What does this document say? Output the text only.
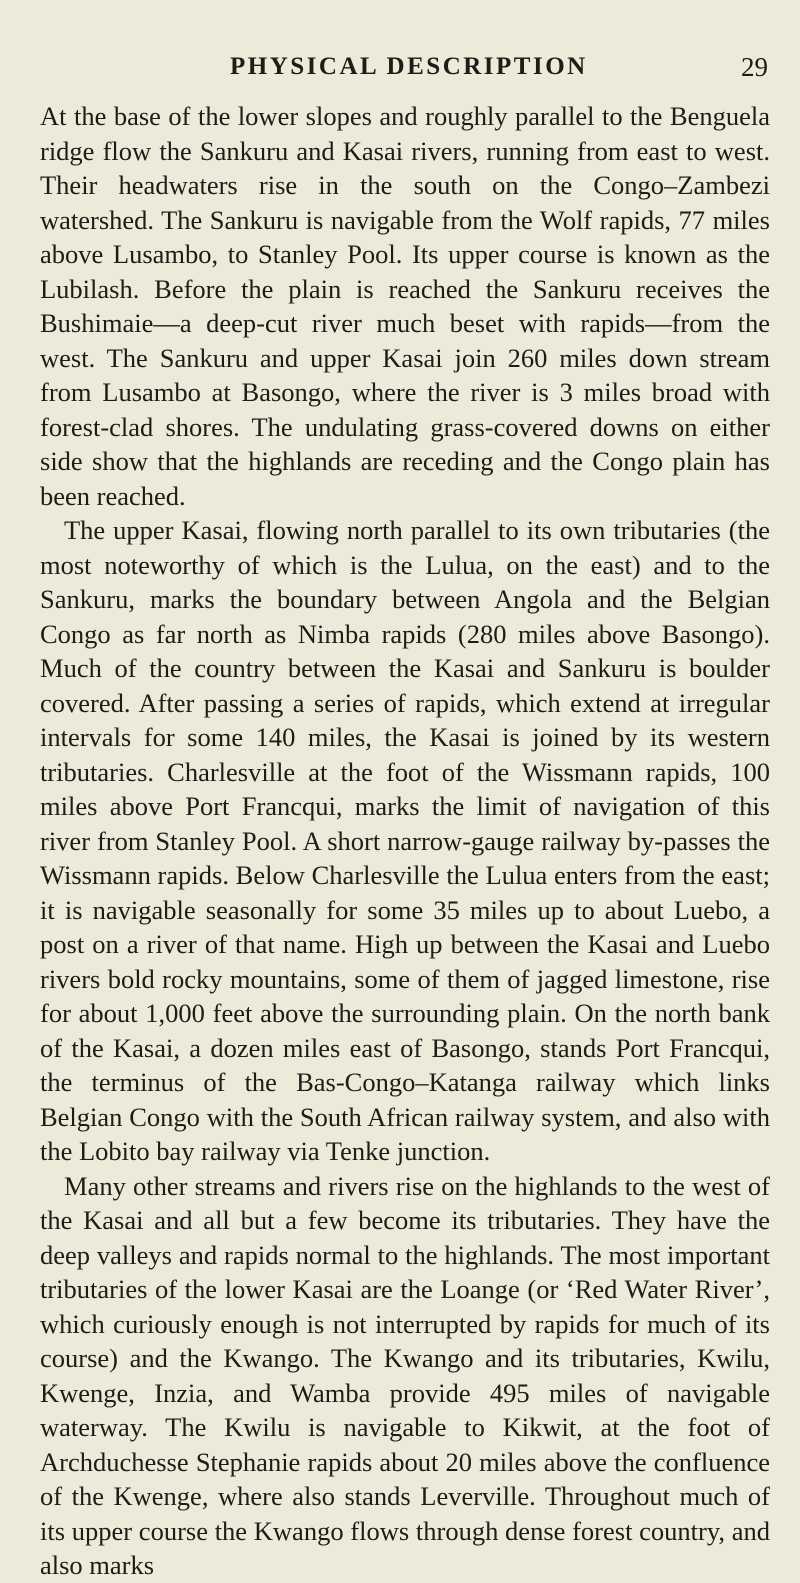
PHYSICAL DESCRIPTION	29

At the base of the lower slopes and roughly parallel to the Benguela ridge flow the Sankuru and Kasai rivers, running from east to west. Their headwaters rise in the south on the Congo–Zambezi watershed. The Sankuru is navigable from the Wolf rapids, 77 miles above Lusambo, to Stanley Pool. Its upper course is known as the Lubilash. Before the plain is reached the Sankuru receives the Bushimaie—a deep-cut river much beset with rapids—from the west. The Sankuru and upper Kasai join 260 miles down stream from Lusambo at Basongo, where the river is 3 miles broad with forest-clad shores. The undulating grass-covered downs on either side show that the highlands are receding and the Congo plain has been reached.

The upper Kasai, flowing north parallel to its own tributaries (the most noteworthy of which is the Lulua, on the east) and to the Sankuru, marks the boundary between Angola and the Belgian Congo as far north as Nimba rapids (280 miles above Basongo). Much of the country between the Kasai and Sankuru is boulder covered. After passing a series of rapids, which extend at irregular intervals for some 140 miles, the Kasai is joined by its western tributaries. Charlesville at the foot of the Wissmann rapids, 100 miles above Port Francqui, marks the limit of navigation of this river from Stanley Pool. A short narrow-gauge railway by-passes the Wissmann rapids. Below Charlesville the Lulua enters from the east; it is navigable seasonally for some 35 miles up to about Luebo, a post on a river of that name. High up between the Kasai and Luebo rivers bold rocky mountains, some of them of jagged limestone, rise for about 1,000 feet above the surrounding plain. On the north bank of the Kasai, a dozen miles east of Basongo, stands Port Francqui, the terminus of the Bas-Congo–Katanga railway which links Belgian Congo with the South African railway system, and also with the Lobito bay railway via Tenke junction.

Many other streams and rivers rise on the highlands to the west of the Kasai and all but a few become its tributaries. They have the deep valleys and rapids normal to the highlands. The most important tributaries of the lower Kasai are the Loange (or ‘Red Water River’, which curiously enough is not interrupted by rapids for much of its course) and the Kwango. The Kwango and its tributaries, Kwilu, Kwenge, Inzia, and Wamba provide 495 miles of navigable waterway. The Kwilu is navigable to Kikwit, at the foot of Archduchesse Stephanie rapids about 20 miles above the confluence of the Kwenge, where also stands Leverville. Throughout much of its upper course the Kwango flows through dense forest country, and also marks
